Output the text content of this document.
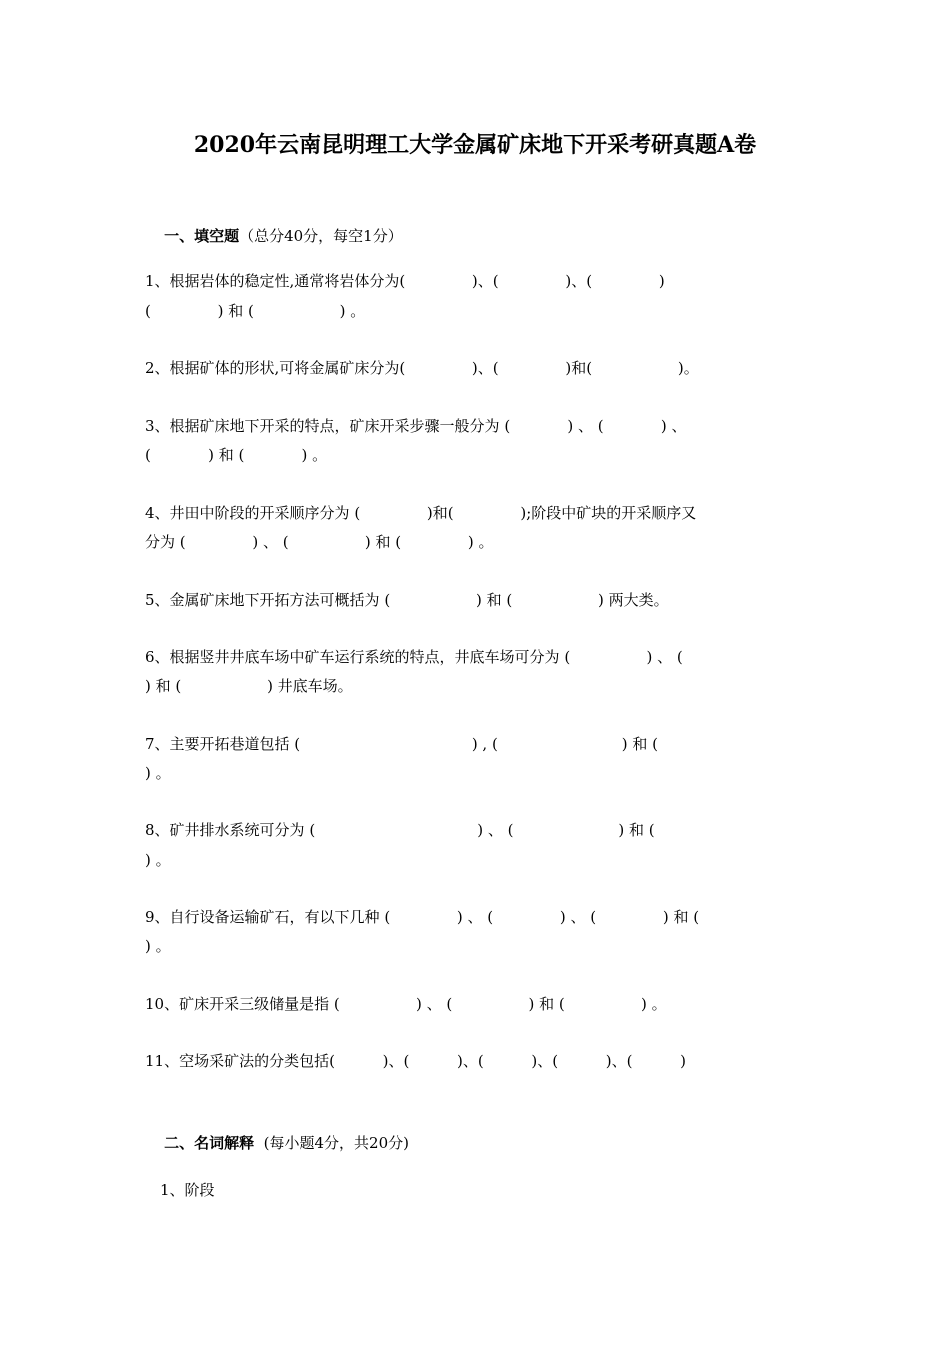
2020年云南昆明理工大学金属矿床地下开采考研真题A卷

一、填空题（总分40分，每空1分）

1、根据岩体的稳定性,通常将岩体分为(              )、(              )、(              )
(              ) 和 (                  ) 。
2、根据矿体的形状,可将金属矿床分为(              )、(              )和(                  )。
3、根据矿床地下开采的特点，矿床开采步骤一般分为 (            ) 、 (            ) 、
(            ) 和 (            ) 。
4、井田中阶段的开采顺序分为 (              )和(              );阶段中矿块的开采顺序又
分为 (              ) 、 (                ) 和 (              ) 。
5、金属矿床地下开拓方法可概括为 (                  ) 和 (                  ) 两大类。
6、根据竖井井底车场中矿车运行系统的特点，井底车场可分为 (                ) 、 (
) 和 (                  ) 井底车场。
7、主要开拓巷道包括 (                                    ) , (                          ) 和 (
) 。
8、矿井排水系统可分为 (                                  ) 、 (                      ) 和 (
) 。
9、自行设备运输矿石，有以下几种 (              ) 、 (              ) 、 (              ) 和 (
) 。
10、矿床开采三级储量是指 (                ) 、 (                ) 和 (                ) 。
11、空场采矿法的分类包括(          )、(          )、(          )、(          )、(          )

二、名词解释  (每小题4分，共20分)

1、阶段
